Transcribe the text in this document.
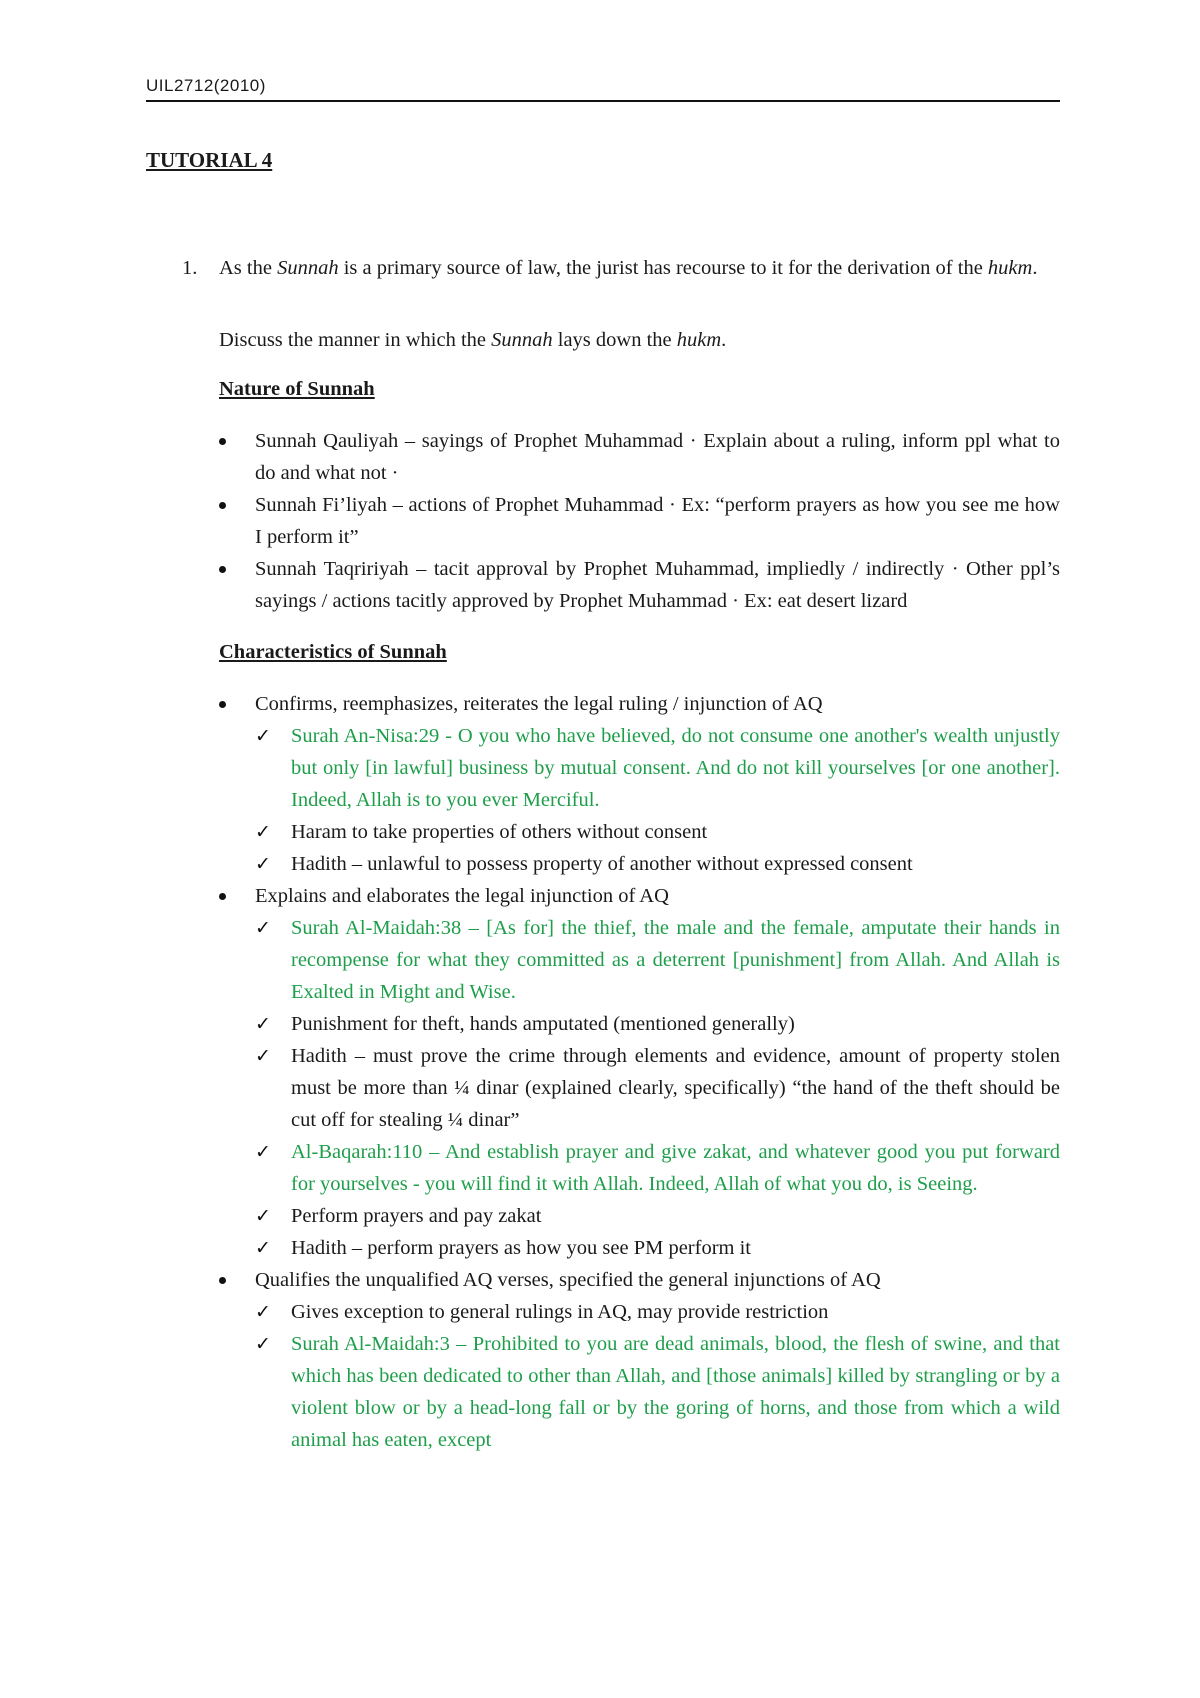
UIL2712(2010)
TUTORIAL 4
1. As the Sunnah is a primary source of law, the jurist has recourse to it for the derivation of the hukm.
Discuss the manner in which the Sunnah lays down the hukm.
Nature of Sunnah
Sunnah Qauliyah – sayings of Prophet Muhammad · Explain about a ruling, inform ppl what to do and what not ·
Sunnah Fi’liyah – actions of Prophet Muhammad · Ex: “perform prayers as how you see me how I perform it”
Sunnah Taqririyah – tacit approval by Prophet Muhammad, impliedly / indirectly · Other ppl’s sayings / actions tacitly approved by Prophet Muhammad · Ex: eat desert lizard
Characteristics of Sunnah
Confirms, reemphasizes, reiterates the legal ruling / injunction of AQ
✓ Surah An-Nisa:29 - O you who have believed, do not consume one another's wealth unjustly but only [in lawful] business by mutual consent. And do not kill yourselves [or one another]. Indeed, Allah is to you ever Merciful.
✓ Haram to take properties of others without consent
✓ Hadith – unlawful to possess property of another without expressed consent
Explains and elaborates the legal injunction of AQ
✓ Surah Al-Maidah:38 – [As for] the thief, the male and the female, amputate their hands in recompense for what they committed as a deterrent [punishment] from Allah. And Allah is Exalted in Might and Wise.
✓ Punishment for theft, hands amputated (mentioned generally)
✓ Hadith – must prove the crime through elements and evidence, amount of property stolen must be more than ¼ dinar (explained clearly, specifically) “the hand of the theft should be cut off for stealing ¼ dinar”
✓ Al-Baqarah:110 – And establish prayer and give zakat, and whatever good you put forward for yourselves - you will find it with Allah. Indeed, Allah of what you do, is Seeing.
✓ Perform prayers and pay zakat
✓ Hadith – perform prayers as how you see PM perform it
Qualifies the unqualified AQ verses, specified the general injunctions of AQ
✓ Gives exception to general rulings in AQ, may provide restriction
✓ Surah Al-Maidah:3 – Prohibited to you are dead animals, blood, the flesh of swine, and that which has been dedicated to other than Allah, and [those animals] killed by strangling or by a violent blow or by a head-long fall or by the goring of horns, and those from which a wild animal has eaten, except
